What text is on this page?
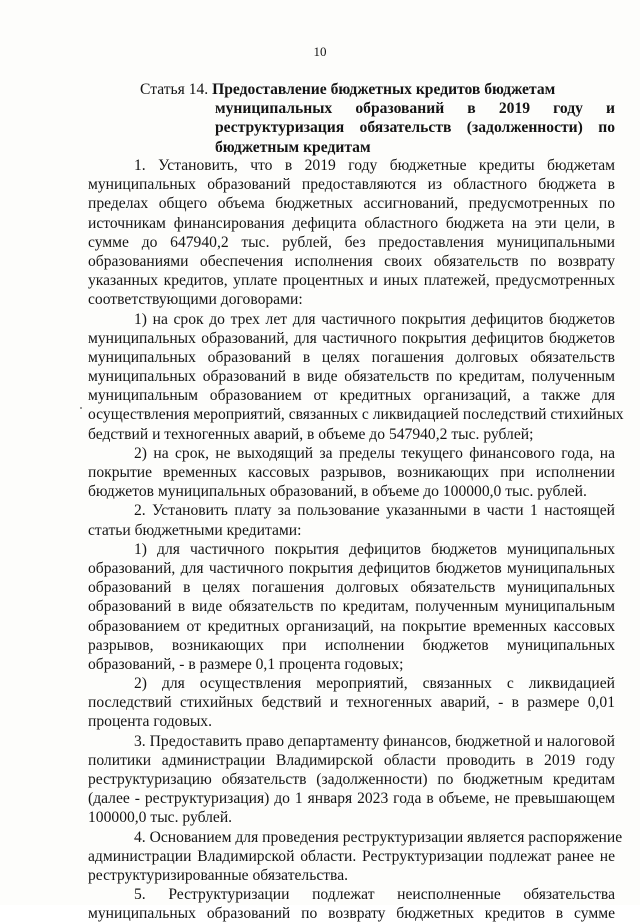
10
Статья 14. Предоставление бюджетных кредитов бюджетам
муниципальных образований в 2019 году и
реструктуризация обязательств (задолженности) по
бюджетным кредитам
1. Установить, что в 2019 году бюджетные кредиты бюджетам
муниципальных образований предоставляются из областного бюджета в
пределах общего объема бюджетных ассигнований, предусмотренных по
источникам финансирования дефицита областного бюджета на эти цели, в
сумме до 647940,2 тыс. рублей, без предоставления муниципальными
образованиями обеспечения исполнения своих обязательств по возврату
указанных кредитов, уплате процентных и иных платежей, предусмотренных
соответствующими договорами:
1) на срок до трех лет для частичного покрытия дефицитов бюджетов
муниципальных образований, для частичного покрытия дефицитов бюджетов
муниципальных образований в целях погашения долговых обязательств
муниципальных образований в виде обязательств по кредитам, полученным
муниципальным образованием от кредитных организаций, а также для
осуществления мероприятий, связанных с ликвидацией последствий стихийных
бедствий и техногенных аварий, в объеме до 547940,2 тыс. рублей;
2) на срок, не выходящий за пределы текущего финансового года, на
покрытие временных кассовых разрывов, возникающих при исполнении
бюджетов муниципальных образований, в объеме до 100000,0 тыс. рублей.
2. Установить плату за пользование указанными в части 1 настоящей
статьи бюджетными кредитами:
1) для частичного покрытия дефицитов бюджетов муниципальных
образований, для частичного покрытия дефицитов бюджетов муниципальных
образований в целях погашения долговых обязательств муниципальных
образований в виде обязательств по кредитам, полученным муниципальным
образованием от кредитных организаций, на покрытие временных кассовых
разрывов, возникающих при исполнении бюджетов муниципальных
образований, - в размере 0,1 процента годовых;
2) для осуществления мероприятий, связанных с ликвидацией
последствий стихийных бедствий и техногенных аварий, - в размере 0,01
процента годовых.
3. Предоставить право департаменту финансов, бюджетной и налоговой
политики администрации Владимирской области проводить в 2019 году
реструктуризацию обязательств (задолженности) по бюджетным кредитам
(далее - реструктуризация) до 1 января 2023 года в объеме, не превышающем
100000,0 тыс. рублей.
4. Основанием для проведения реструктуризации является распоряжение
администрации Владимирской области. Реструктуризации подлежат ранее не
реструктуризированные обязательства.
5. Реструктуризации подлежат неисполненные обязательства
муниципальных образований по возврату бюджетных кредитов в сумме
